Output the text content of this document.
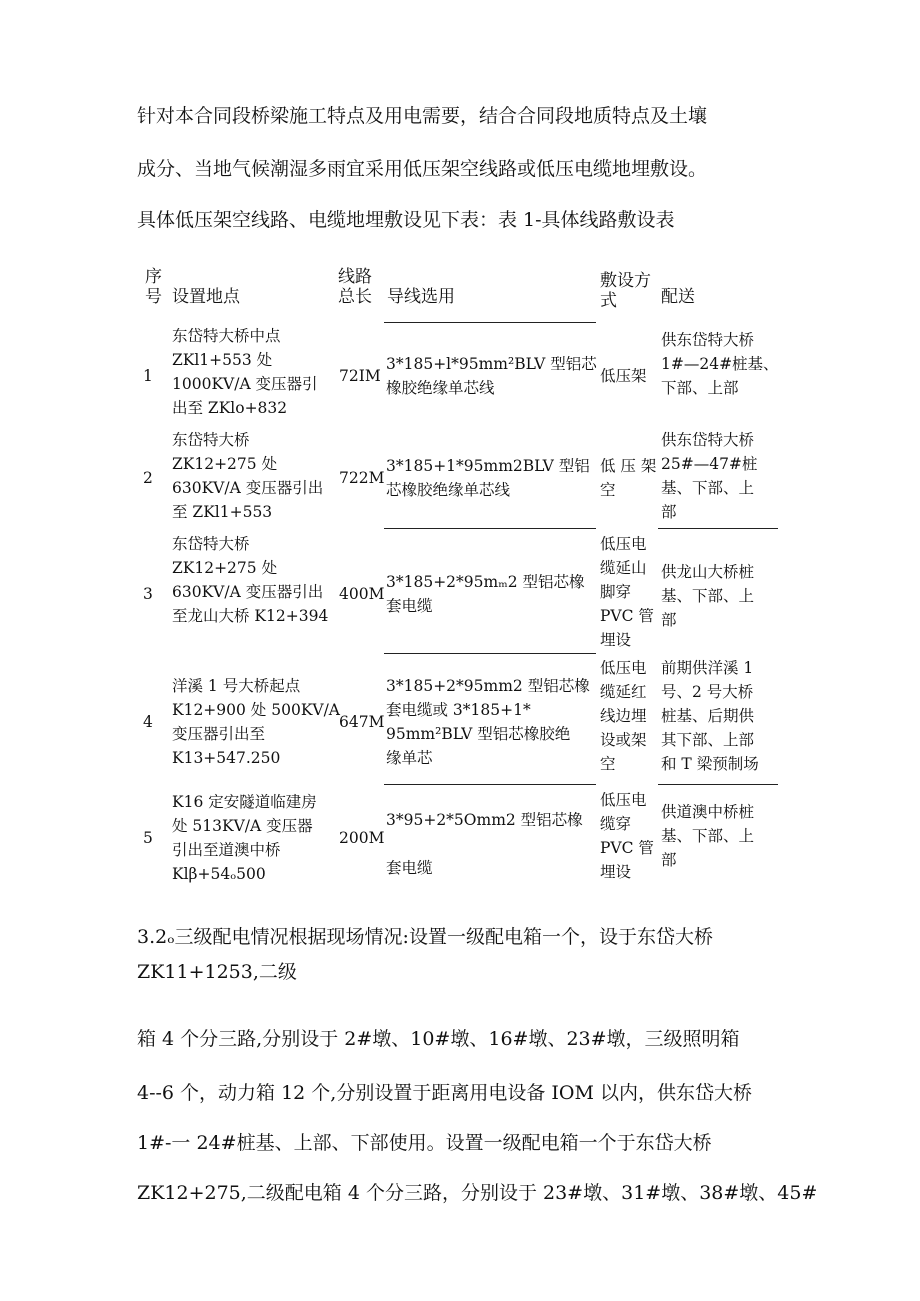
针对本合同段桥梁施工特点及用电需要，结合合同段地质特点及土壤
成分、当地气候潮湿多雨宜采用低压架空线路或低压电缆地埋敷设。
具体低压架空线路、电缆地埋敷设见下表：表 1-具体线路敷设表
序
号 设置地点
线路
总长 导线选用
敷设方
式	配送
1
东岱特大桥中点
ZKl1+553 处
1000KV/A 变压器引
出至 ZKlo+832
72IM
3*185+l*95mm²BLV 型铝芯
橡胶绝缘单芯线
低压架
供东岱特大桥
1#—24#桩基、
下部、上部
2
东岱特大桥
ZK12+275 处
630KV/A 变压器引出
至 ZKl1+553
722M
3*185+1*95mm2BLV 型铝
芯橡胶绝缘单芯线
低 压 架
空
供东岱特大桥
25#—47#桩
基、下部、上
部
3
东岱特大桥
ZK12+275 处
630KV/A 变压器引出
至龙山大桥 K12+394
400M
3*185+2*95mₘ2 型铝芯橡
套电缆
低压电
缆延山
脚穿
PVC 管
埋设
供龙山大桥桩
基、下部、上
部
4
洋溪 1 号大桥起点
K12+900 处 500KV/A
变压器引出至
K13+547.250
647M
3*185+2*95mm2 型铝芯橡
套电缆或 3*185+1*
95mm²BLV 型铝芯橡胶绝
缘单芯
低压电
缆延红
线边埋
设或架
空
前期供洋溪 1
号、2 号大桥
桩基、后期供
其下部、上部
和 T 梁预制场
5
K16 定安隧道临建房
处 513KV/A 变压器
引出至道澳中桥
Klβ+54ₒ500
200M
3*95+2*5Omm2 型铝芯橡

套电缆
低压电
缆穿
PVC 管
埋设
供道澳中桥桩
基、下部、上
部
3.2ₒ三级配电情况根据现场情况:设置一级配电箱一个，设于东岱大桥
ZK11+1253,二级
箱 4 个分三路,分别设于 2#墩、10#墩、16#墩、23#墩，三级照明箱
4--6 个，动力箱 12 个,分别设置于距离用电设备 IOM 以内，供东岱大桥
1#-一 24#桩基、上部、下部使用。设置一级配电箱一个于东岱大桥
ZK12+275,二级配电箱 4 个分三路，分别设于 23#墩、31#墩、38#墩、45#
